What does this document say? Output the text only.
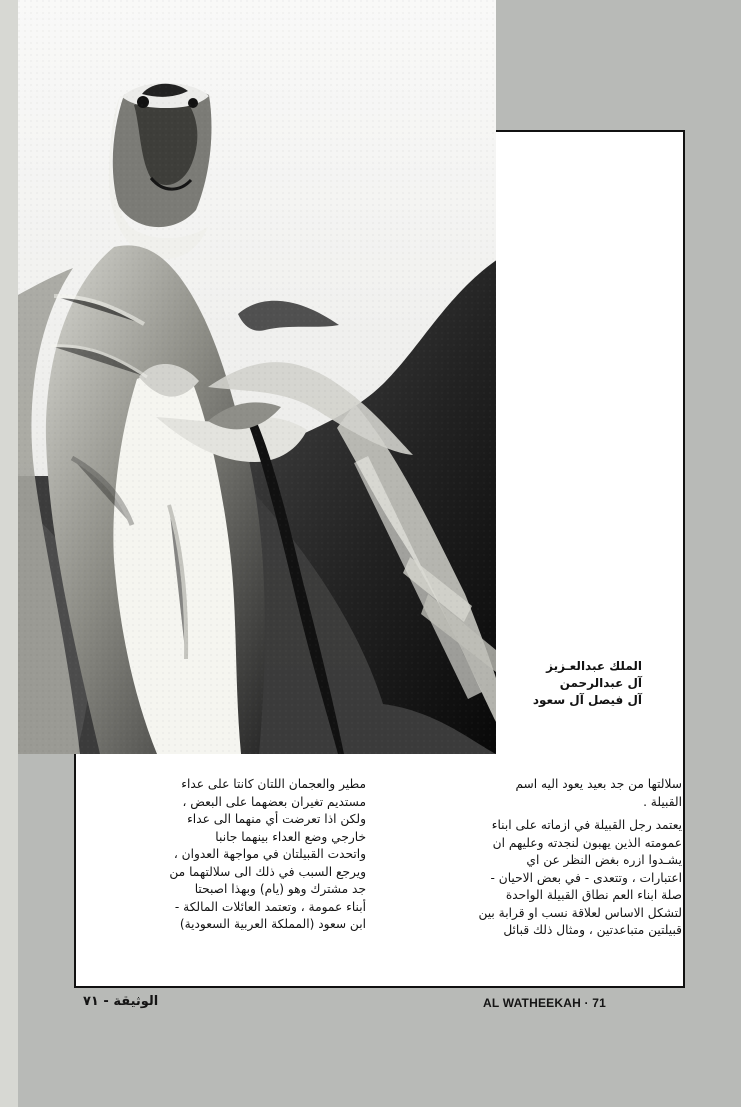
الملك عبدالعـزيز
آل عبدالرحمن
آل فيصل آل سعود
مطير والعجمان اللتان كانتا على عداء
مستديم تغيران بعضهما على البعض ،
ولكن اذا تعرضت أي منهما الى عداء
خارجي وضع العداء بينهما جانبا
واتحدت القبيلتان في مواجهة العدوان ،
ويرجع السبب في ذلك الى سلالتهما من
جد مشترك وهو (يام) وبهذا اصبحتا
أبناء عمومة ، وتعتمد العائلات المالكة -
ابن سعود (المملكة العربية السعودية)
سلالتها من جد بعيد يعود اليه اسم
القبيلة .
يعتمد رجل القبيلة في ازماته على ابناء
عمومته الذين يهبون لنجدته وعليهم ان
يشـدوا ازره بغض النظر عن اي
اعتبارات ، وتتعدى - في بعض الاحيان -
صلة ابناء العم نطاق القبيلة الواحدة
لتشكل الاساس لعلاقة نسب او قرابة بين
قبيلتين متباعدتين ، ومثال ذلك قبائل
الوثيقة - ٧١	AL WATHEEKAH · 71
